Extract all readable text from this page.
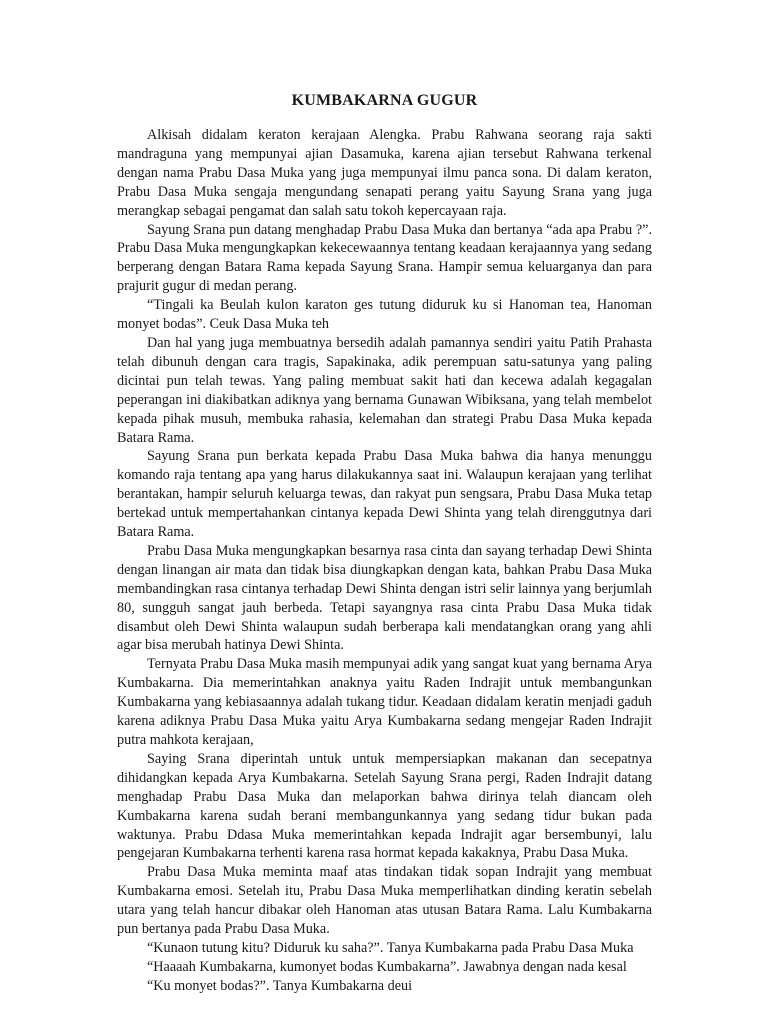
KUMBAKARNA GUGUR

Alkisah didalam keraton kerajaan Alengka. Prabu Rahwana seorang raja sakti mandraguna yang mempunyai ajian Dasamuka, karena ajian tersebut Rahwana terkenal dengan nama Prabu Dasa Muka yang juga mempunyai ilmu panca sona. Di dalam keraton, Prabu Dasa Muka sengaja mengundang senapati perang yaitu Sayung Srana yang juga merangkap sebagai pengamat dan salah satu tokoh kepercayaan raja.

Sayung Srana pun datang menghadap Prabu Dasa Muka dan bertanya “ada apa Prabu ?”. Prabu Dasa Muka mengungkapkan kekecewaannya tentang keadaan kerajaannya yang sedang berperang dengan Batara Rama kepada Sayung Srana. Hampir semua keluarganya dan para prajurit gugur di medan perang.

“Tingali ka Beulah kulon karaton ges tutung diduruk ku si Hanoman tea, Hanoman monyet bodas”. Ceuk Dasa Muka teh

Dan hal yang juga membuatnya bersedih adalah pamannya sendiri yaitu Patih Prahasta telah dibunuh dengan cara tragis, Sapakinaka, adik perempuan satu-satunya yang paling dicintai pun telah tewas. Yang paling membuat sakit hati dan kecewa adalah kegagalan peperangan ini diakibatkan adiknya yang bernama Gunawan Wibiksana, yang telah membelot kepada pihak musuh, membuka rahasia, kelemahan dan strategi Prabu Dasa Muka kepada Batara Rama.

Sayung Srana pun berkata kepada Prabu Dasa Muka bahwa dia hanya menunggu komando raja tentang apa yang harus dilakukannya saat ini. Walaupun kerajaan yang terlihat berantakan, hampir seluruh keluarga tewas, dan rakyat pun sengsara, Prabu Dasa Muka tetap bertekad untuk mempertahankan cintanya kepada Dewi Shinta yang telah direnggutnya dari Batara Rama.

Prabu Dasa Muka mengungkapkan besarnya rasa cinta dan sayang terhadap Dewi Shinta dengan linangan air mata dan tidak bisa diungkapkan dengan kata, bahkan Prabu Dasa Muka membandingkan rasa cintanya terhadap Dewi Shinta dengan istri selir lainnya yang berjumlah 80, sungguh sangat jauh berbeda. Tetapi sayangnya rasa cinta Prabu Dasa Muka tidak disambut oleh Dewi Shinta walaupun sudah berberapa kali mendatangkan orang yang ahli agar bisa merubah hatinya Dewi Shinta.

Ternyata Prabu Dasa Muka masih mempunyai adik yang sangat kuat yang bernama Arya Kumbakarna. Dia memerintahkan anaknya yaitu Raden Indrajit untuk membangunkan Kumbakarna yang kebiasaannya adalah tukang tidur. Keadaan didalam keratin menjadi gaduh karena adiknya Prabu Dasa Muka yaitu Arya Kumbakarna sedang mengejar Raden Indrajit putra mahkota kerajaan,

Saying Srana diperintah untuk untuk mempersiapkan makanan dan secepatnya dihidangkan kepada Arya Kumbakarna. Setelah Sayung Srana pergi, Raden Indrajit datang menghadap Prabu Dasa Muka dan melaporkan bahwa dirinya telah diancam oleh Kumbakarna karena sudah berani membangunkannya yang sedang tidur bukan pada waktunya. Prabu Ddasa Muka memerintahkan kepada Indrajit agar bersembunyi, lalu pengejaran Kumbakarna terhenti karena rasa hormat kepada kakaknya, Prabu Dasa Muka.

Prabu Dasa Muka meminta maaf atas tindakan tidak sopan Indrajit yang membuat Kumbakarna emosi. Setelah itu, Prabu Dasa Muka memperlihatkan dinding keratin sebelah utara yang telah hancur dibakar oleh Hanoman atas utusan Batara Rama. Lalu Kumbakarna pun bertanya pada Prabu Dasa Muka.

“Kunaon tutung kitu? Diduruk ku saha?”. Tanya Kumbakarna pada Prabu Dasa Muka

“Haaaah Kumbakarna, kumonyet bodas Kumbakarna”. Jawabnya dengan nada kesal

“Ku monyet bodas?”. Tanya Kumbakarna deui
